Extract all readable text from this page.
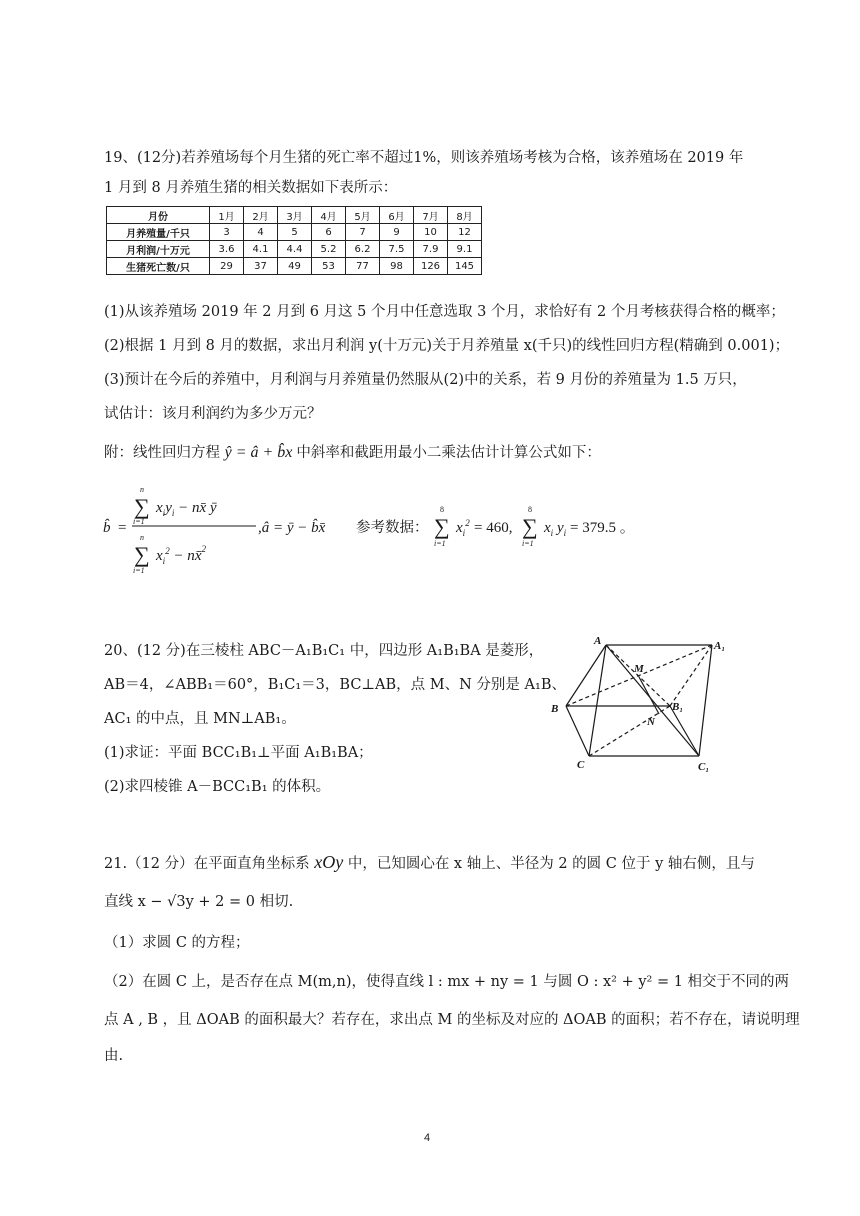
19、(12分)若养殖场每个月生猪的死亡率不超过1%，则该养殖场考核为合格，该养殖场在 2019 年
1 月到 8 月养殖生猪的相关数据如下表所示：
月份	1月	2月	3月	4月	5月	6月	7月	8月
月养殖量/千只	3	4	5	6	7	9	10	12
月利润/十万元	3.6	4.1	4.4	5.2	6.2	7.5	7.9	9.1
生猪死亡数/只	29	37	49	53	77	98	126	145
(1)从该养殖场 2019 年 2 月到 6 月这 5 个月中任意选取 3 个月，求恰好有 2 个月考核获得合格的概率；
(2)根据 1 月到 8 月的数据，求出月利润 y(十万元)关于月养殖量 x(千只)的线性回归方程(精确到 0.001)；
(3)预计在今后的养殖中，月利润与月养殖量仍然服从(2)中的关系，若 9 月份的养殖量为 1.5 万只，
试估计：该月利润约为多少万元？
附：线性回归方程 ŷ = â + b̂x 中斜率和截距用最小二乘法估计计算公式如下：
b̂ =
n
∑
i=1
$x_iy_i$ − nx̄ ȳ
n
∑
i=1
$x_i^2$ − nx̄$^2$
,â = ȳ − b̂x̄ 参考数据：
8
∑
i=1
$x_i^2 = 460$,
8
∑
i=1
$x_i$ $y_i = 379.5$ 。
20、(12 分)在三棱柱 ABC－A₁B₁C₁ 中，四边形 A₁B₁BA 是菱形，
AB＝4，∠ABB₁＝60°，B₁C₁＝3，BC⊥AB，点 M、N 分别是 A₁B、
AC₁ 的中点，且 MN⊥AB₁。
(1)求证：平面 BCC₁B₁⊥平面 A₁B₁BA；
(2)求四棱锥 A－BCC₁B₁ 的体积。
A	A₁
B	B₁
C	C₁
M
N
21.（12 分）在平面直角坐标系 xOy 中，已知圆心在 x 轴上、半径为 2 的圆 C 位于 y 轴右侧，且与
直线 x − √3y + 2 = 0 相切.
（1）求圆 C 的方程；
（2）在圆 C 上，是否存在点 M(m,n)，使得直线 l : mx + ny = 1 与圆 O : x² + y² = 1 相交于不同的两
点 A , B ，且 ΔOAB 的面积最大？若存在，求出点 M 的坐标及对应的 ΔOAB 的面积；若不存在，请说明理
由.
4
